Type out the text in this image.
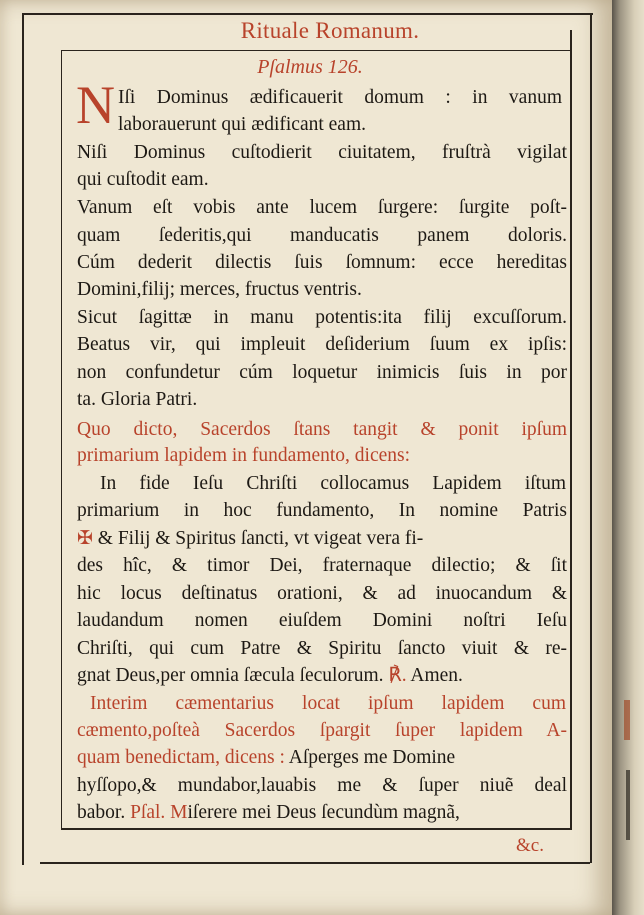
Rituale Romanum.
Pſalmus 126.
N Iſi Dominus ædificauerit domum : in vanum
laborauerunt qui ædificant eam.
Niſi Dominus cuſtodierit ciuitatem, fruſtrà vigilat
qui cuſtodit eam.
Vanum eſt vobis ante lucem ſurgere: ſurgite poſt-
quam ſederitis,qui manducatis panem doloris.
Cúm dederit dilectis ſuis ſomnum: ecce hereditas
Domini,filij; merces, fructus ventris.
Sicut ſagittæ in manu potentis:ita filij excuſſorum.
Beatus vir, qui impleuit deſiderium ſuum ex ipſis:
non confundetur cúm loquetur inimicis ſuis in por
ta. Gloria Patri.
Quo dicto, Sacerdos ſtans tangit & ponit ipſum
primarium lapidem in fundamento, dicens:
In fide Ieſu Chriſti collocamus Lapidem iſtum
primarium in hoc fundamento, In nomine Patris
✠ & Filij & Spiritus ſancti, vt vigeat vera fi-
des hîc, & timor Dei, fraternaque dilectio; & ſit
hic locus deſtinatus orationi, & ad inuocandum &
laudandum nomen eiuſdem Domini noſtri Ieſu
Chriſti, qui cum Patre & Spiritu ſancto viuit & re-
gnat Deus,per omnia ſæcula ſeculorum. ℟. Amen.
Interim cæmentarius locat ipſum lapidem cum
cæmento,poſteà Sacerdos ſpargit ſuper lapidem A-
quam benedictam, dicens : Aſperges me Domine
hyſſopo,& mundabor,lauabis me & ſuper niuẽ deal
babor. Pſal. Miſerere mei Deus ſecundùm magnã,
&c.
